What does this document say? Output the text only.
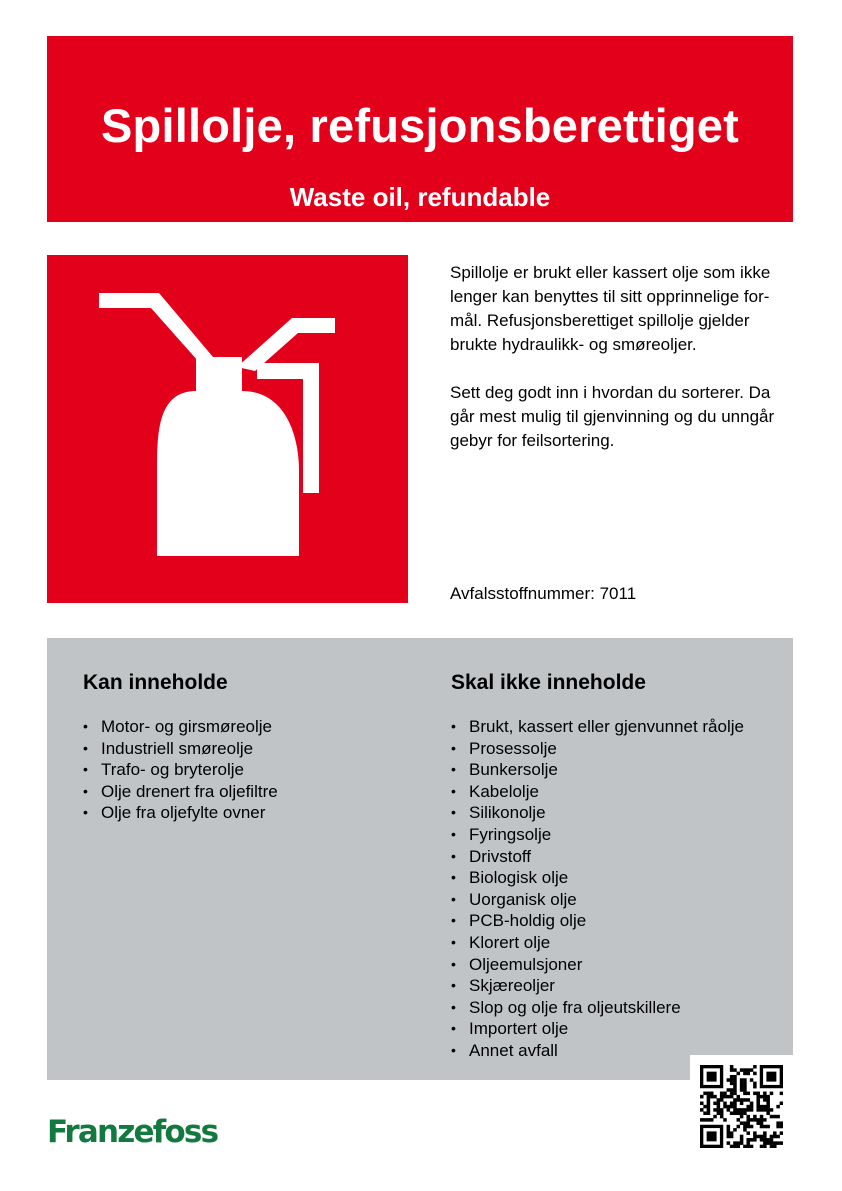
Spillolje, refusjonsberettiget
Waste oil, refundable

Spillolje er brukt eller kassert olje som ikke lenger kan benyttes til sitt opprinnelige formål. Refusjonsberettiget spillolje gjelder brukte hydraulikk- og smøreoljer.

Sett deg godt inn i hvordan du sorterer. Da går mest mulig til gjenvinning og du unngår gebyr for feilsortering.

Avfalsstoffnummer: 7011
Kan inneholde
• Motor- og girsmøreolje
• Industriell smøreolje
• Trafo- og bryterolje
• Olje drenert fra oljefiltre
• Olje fra oljefylte ovner
Skal ikke inneholde
• Brukt, kassert eller gjenvunnet råolje
• Prosessolje
• Bunkersolje
• Kabelolje
• Silikonolje
• Fyringsolje
• Drivstoff
• Biologisk olje
• Uorganisk olje
• PCB-holdig olje
• Klorert olje
• Oljeemulsjoner
• Skjæreoljer
• Slop og olje fra oljeutskillere
• Importert olje
• Annet avfall
Franzefoss
